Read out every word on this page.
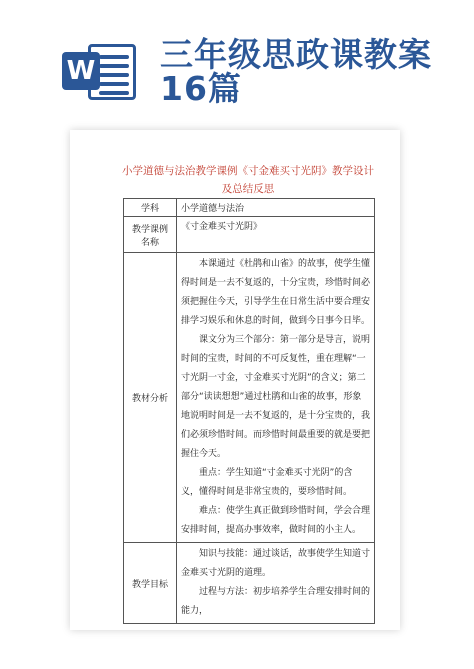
W 三年级思政课教案16篇
小学道德与法治教学课例《寸金难买寸光阴》教学设计及总结反思
学科	小学道德与法治
教学课例名称	《寸金难买寸光阴》
教材分析	本课通过《杜鹃和山雀》的故事，使学生懂得时间是一去不复返的，十分宝贵，珍惜时间必须把握住今天，引导学生在日常生活中要合理安排学习娱乐和休息的时间，做到今日事今日毕。

课文分为三个部分：第一部分是导言，说明时间的宝贵，时间的不可反复性，重在理解“一寸光阴一寸金，寸金难买寸光阴”的含义；第二部分“读读想想”通过杜鹃和山雀的故事，形象地说明时间是一去不复返的，是十分宝贵的，我们必须珍惜时间。而珍惜时间最重要的就是要把握住今天。

重点：学生知道“寸金难买寸光阴”的含义，懂得时间是非常宝贵的，要珍惜时间。

难点：使学生真正做到珍惜时间，学会合理安排时间，提高办事效率，做时间的小主人。

教学目标	知识与技能：通过谈话，故事使学生知道寸金难买寸光阴的道理。

过程与方法：初步培养学生合理安排时间的能力，
